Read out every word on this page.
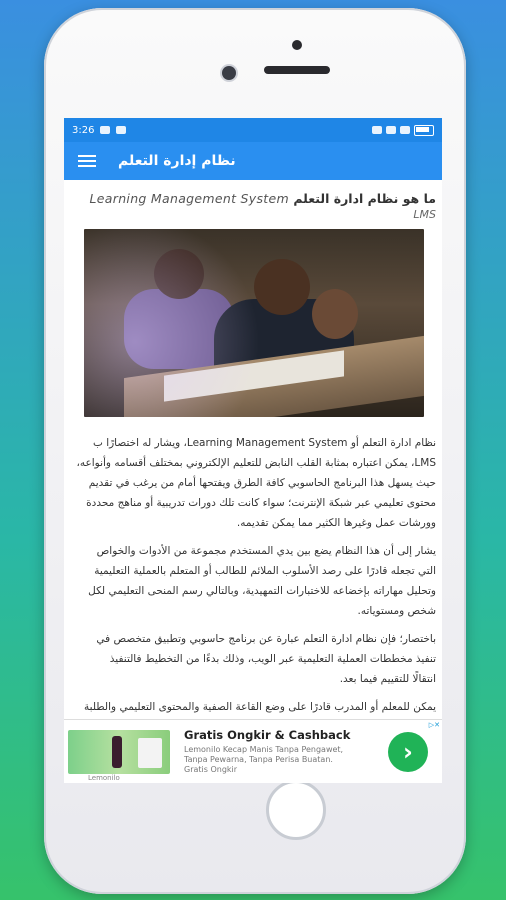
3:26
نظام إدارة التعلم
ما هو نظام ادارة التعلم Learning Management System
LMS
نظام ادارة التعلم أو Learning Management System، ويشار له اختصارًا ب
LMS، يمكن اعتباره بمثابة القلب النابض للتعليم الإلكتروني بمختلف أقسامه وأنواعه،
حيث يسهل هذا البرنامج الحاسوبي كافة الطرق ويفتحها أمام من يرغب في تقديم
محتوى تعليمي عبر شبكة الإنترنت؛ سواء كانت تلك دورات تدريبية أو مناهج محددة
وورشات عمل وغيرها الكثير مما يمكن تقديمه.
يشار إلى أن هذا النظام يضع بين يدي المستخدم مجموعة من الأدوات والخواص
التي تجعله قادرًا على رصد الأسلوب الملائم للطالب أو المتعلم بالعملية التعليمية
وتحليل مهاراته بإخضاعه للاختبارات التمهيدية، وبالتالي رسم المنحى التعليمي لكل
شخص ومستوياته.
باختصار؛ فإن نظام ادارة التعلم عبارة عن برنامج حاسوبي وتطبيق متخصص في
تنفيذ مخططات العملية التعليمية عبر الويب، وذلك بدءًا من التخطيط فالتنفيذ
انتقالًا للتقييم فيما بعد.
يمكن للمعلم أو المدرب قادرًا على وضع القاعة الصفية والمحتوى التعليمي والطلبة
▷✕
Gratis Ongkir & Cashback
Lemonilo Kecap Manis Tanpa Pengawet, Tanpa Pewarna, Tanpa Perisa Buatan. Gratis Ongkir
›
Lemonilo
